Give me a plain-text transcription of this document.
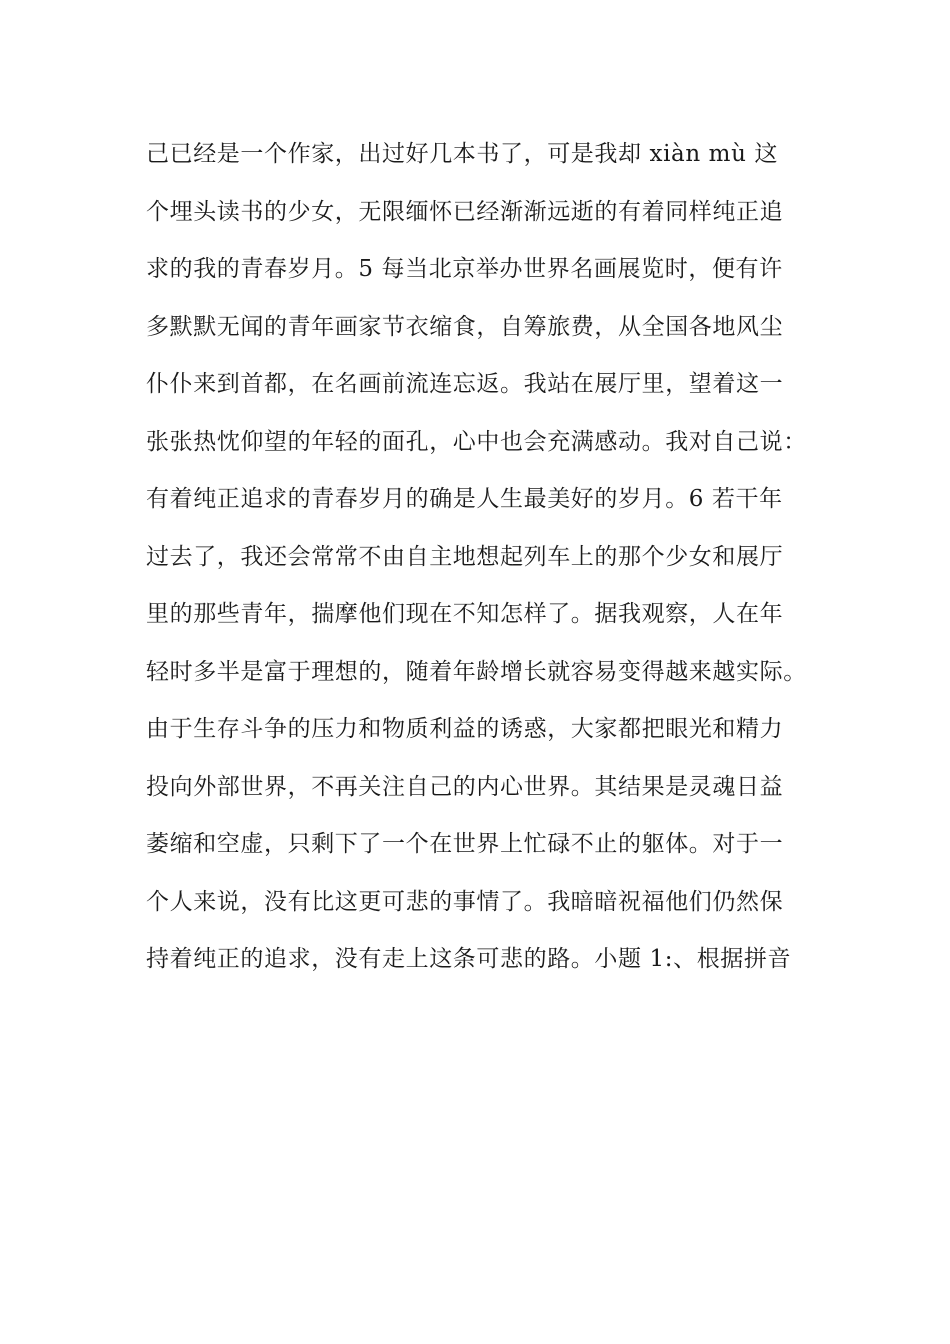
己已经是一个作家，出过好几本书了，可是我却 xiàn mù 这
个埋头读书的少女，无限缅怀已经渐渐远逝的有着同样纯正追
求的我的青春岁月。5 每当北京举办世界名画展览时，便有许
多默默无闻的青年画家节衣缩食，自筹旅费，从全国各地风尘
仆仆来到首都，在名画前流连忘返。我站在展厅里，望着这一
张张热忱仰望的年轻的面孔，心中也会充满感动。我对自己说：
有着纯正追求的青春岁月的确是人生最美好的岁月。6 若干年
过去了，我还会常常不由自主地想起列车上的那个少女和展厅
里的那些青年，揣摩他们现在不知怎样了。据我观察，人在年
轻时多半是富于理想的，随着年龄增长就容易变得越来越实际。
由于生存斗争的压力和物质利益的诱惑，大家都把眼光和精力
投向外部世界，不再关注自己的内心世界。其结果是灵魂日益
萎缩和空虚，只剩下了一个在世界上忙碌不止的躯体。对于一
个人来说，没有比这更可悲的事情了。我暗暗祝福他们仍然保
持着纯正的追求，没有走上这条可悲的路。小题 1:、根据拼音
